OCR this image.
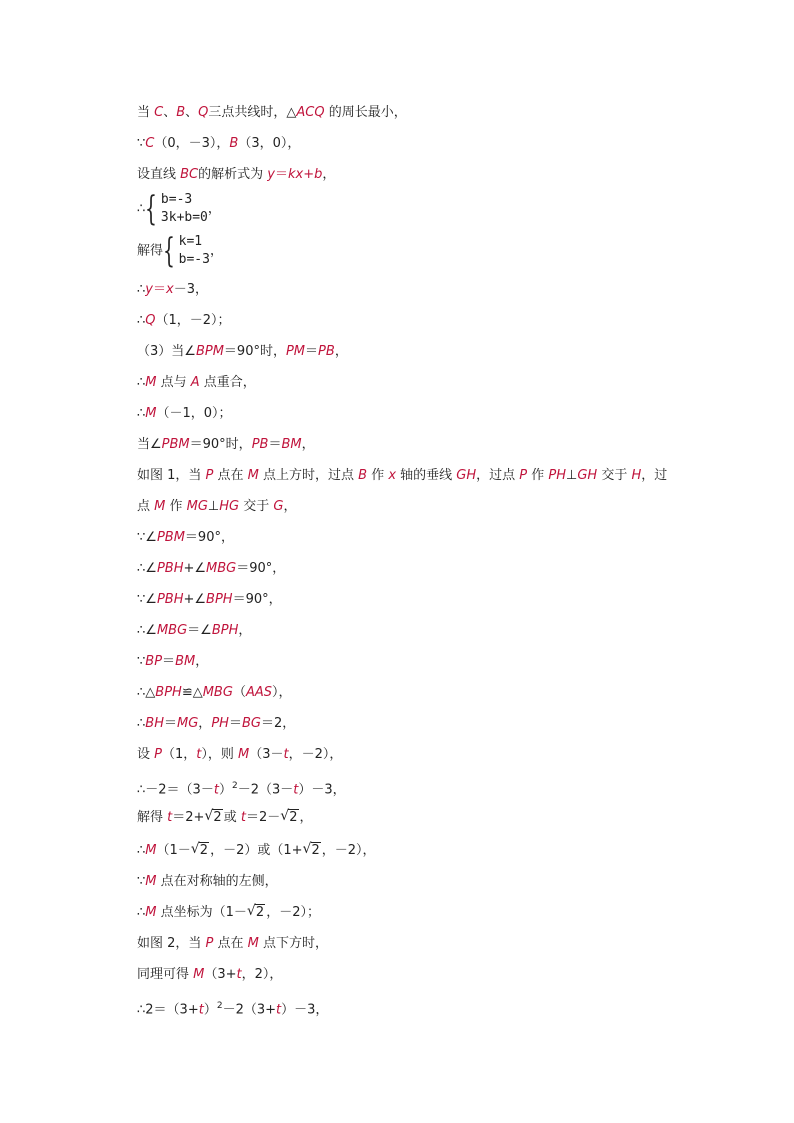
当 C、B、Q三点共线时，△ACQ 的周长最小，
∵C（0，－3），B（3，0），
设直线 BC的解析式为 y＝kx+b，
∴{ b=-3
3k+b=0
，
解得{ k=1
b=-3
，
∴y＝x－3，
∴Q（1，－2）；
（3）当∠BPM＝90°时，PM＝PB，
∴M 点与 A 点重合，
∴M（－1，0）；
当∠PBM＝90°时，PB＝BM，
如图 1，当 P 点在 M 点上方时，过点 B 作 x 轴的垂线 GH，过点 P 作 PH⊥GH 交于 H，过
点 M 作 MG⊥HG 交于 G，
∵∠PBM＝90°，
∴∠PBH+∠MBG＝90°，
∵∠PBH+∠BPH＝90°，
∴∠MBG＝∠BPH，
∵BP＝BM，
∴△BPH≌△MBG（AAS），
∴BH＝MG，PH＝BG＝2，
设 P（1，t），则 M（3－t，－2），
$\therefore-2=(3-t)^2-2(3-t)-3$，
解得 t＝2+ √ 2 或 t＝2－ √ 2 ，
∴M（1－ √ 2 ，－2）或（1+ √ 2 ，－2），
∵M 点在对称轴的左侧，
∴M 点坐标为（1－ √ 2 ，－2）；
如图 2，当 P 点在 M 点下方时，
同理可得 M（3+t，2），
$\therefore 2=(3+t)^2-2(3+t)-3$，
